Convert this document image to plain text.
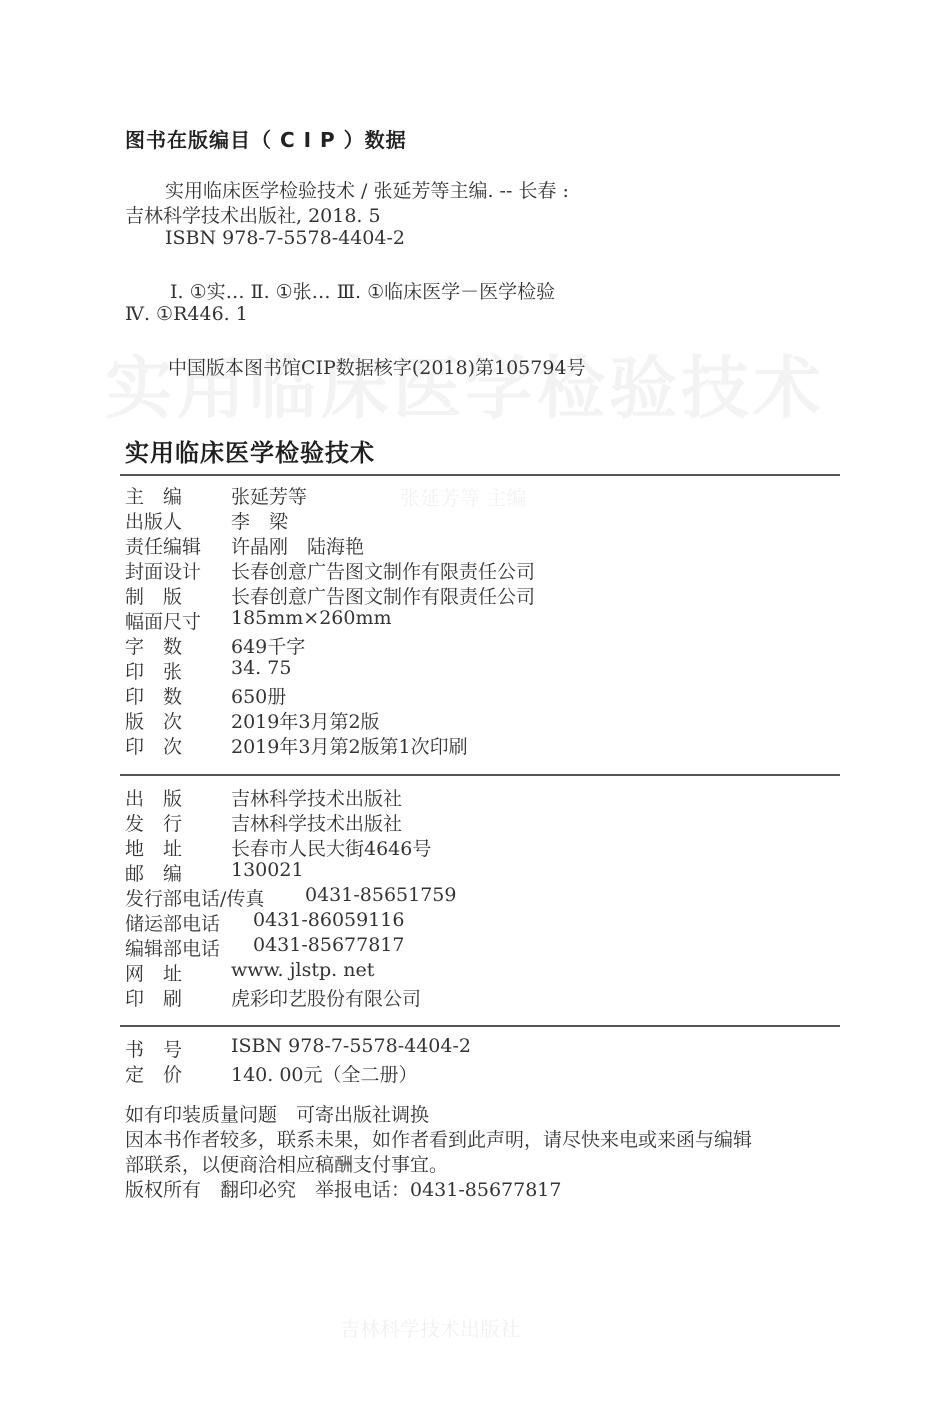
张延芳等 主编
图书在版编目（ C I P ）数据
实用临床医学检验技术 / 张延芳等主编. -- 长春 :
吉林科学技术出版社, 2018. 5
ISBN 978-7-5578-4404-2
Ⅰ. ①实… Ⅱ. ①张… Ⅲ. ①临床医学－医学检验
Ⅳ. ①R446. 1
中国版本图书馆CIP数据核字(2018)第105794号
实用临床医学检验技术
主　编	张延芳等
出版人	李　梁
责任编辑 许晶刚　陆海艳
封面设计 长春创意广告图文制作有限责任公司
制　版	长春创意广告图文制作有限责任公司
幅面尺寸 185mm×260mm
字　数	649千字
印　张	34. 75
印　数	650册
版　次	2019年3月第2版
印　次	2019年3月第2版第1次印刷
出　版	吉林科学技术出版社
发　行	吉林科学技术出版社
地　址	长春市人民大街4646号
邮　编	130021
发行部电话/传真 0431-85651759
储运部电话 0431-86059116
编辑部电话 0431-85677817
网　址	www. jlstp. net
印　刷	虎彩印艺股份有限公司
书　号	ISBN 978-7-5578-4404-2
定　价	140. 00元（全二册）
如有印装质量问题　可寄出版社调换
因本书作者较多，联系未果，如作者看到此声明，请尽快来电或来函与编辑
部联系，以便商洽相应稿酬支付事宜。
版权所有　翻印必究　举报电话：0431-85677817
吉林科学技术出版社
